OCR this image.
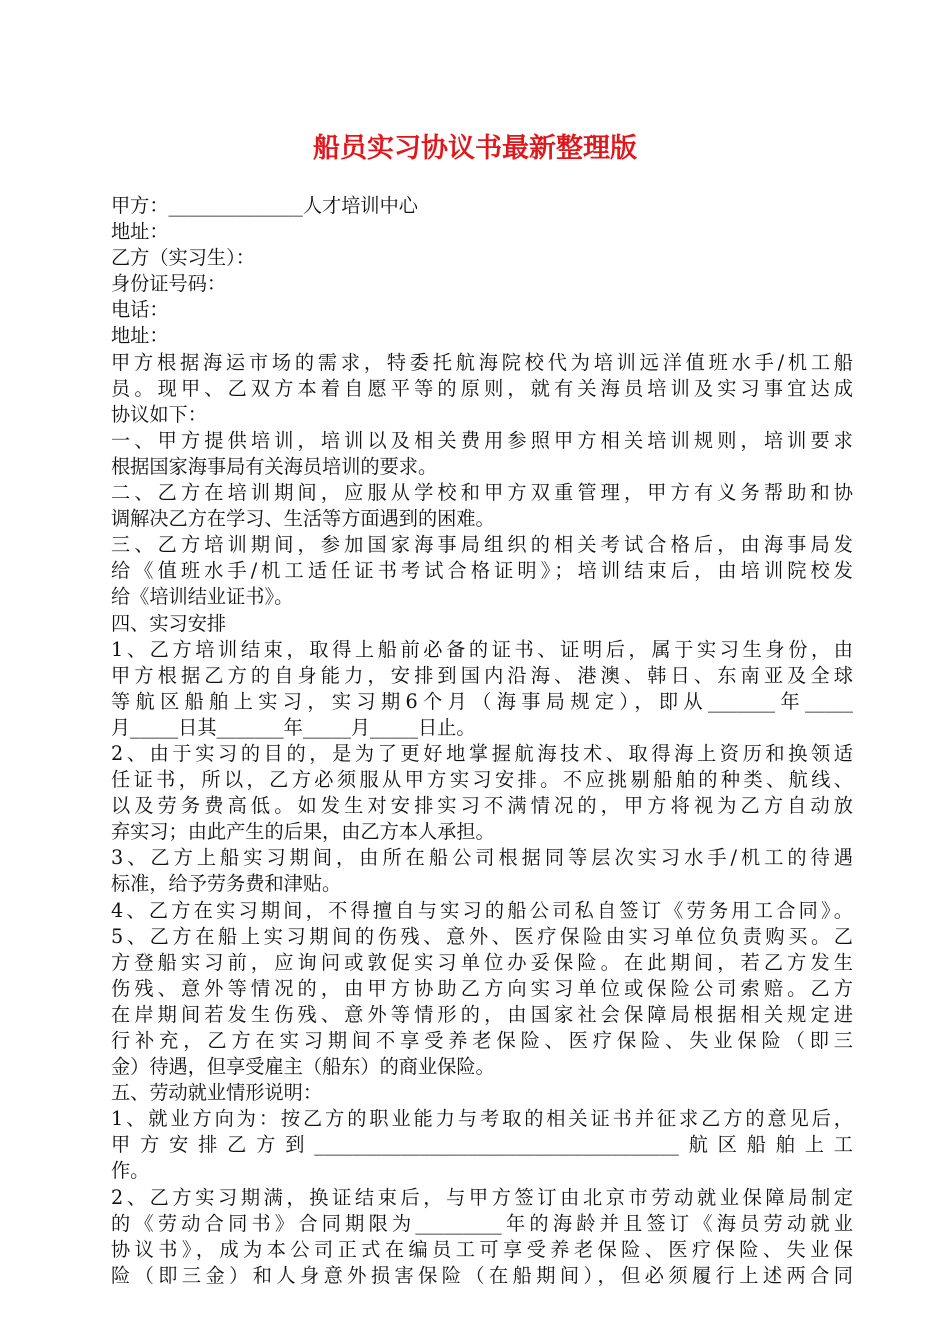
船员实习协议书最新整理版
甲方：______________人才培训中心
地址：
乙方（实习生）：
身份证号码：
电话：
地址：
甲方根据海运市场的需求，特委托航海院校代为培训远洋值班水手/机工船
员。现甲、乙双方本着自愿平等的原则，就有关海员培训及实习事宜达成
协议如下：
一、甲方提供培训，培训以及相关费用参照甲方相关培训规则，培训要求
根据国家海事局有关海员培训的要求。
二、乙方在培训期间，应服从学校和甲方双重管理，甲方有义务帮助和协
调解决乙方在学习、生活等方面遇到的困难。
三、乙方培训期间，参加国家海事局组织的相关考试合格后，由海事局发
给《值班水手/机工适任证书考试合格证明》；培训结束后，由培训院校发
给《培训结业证书》。
四、实习安排
1、乙方培训结束，取得上船前必备的证书、证明后，属于实习生身份，由
甲方根据乙方的自身能力，安排到国内沿海、港澳、韩日、东南亚及全球
等航区船舶上实习，实习期6个月（海事局规定），即从_______年_____
月_____日其_______年_____月_____日止。
2、由于实习的目的，是为了更好地掌握航海技术、取得海上资历和换领适
任证书，所以，乙方必须服从甲方实习安排。不应挑剔船舶的种类、航线、
以及劳务费高低。如发生对安排实习不满情况的，甲方将视为乙方自动放
弃实习；由此产生的后果，由乙方本人承担。
3、乙方上船实习期间，由所在船公司根据同等层次实习水手/机工的待遇
标准，给予劳务费和津贴。
4、乙方在实习期间，不得擅自与实习的船公司私自签订《劳务用工合同》。
5、乙方在船上实习期间的伤残、意外、医疗保险由实习单位负责购买。乙
方登船实习前，应询问或敦促实习单位办妥保险。在此期间，若乙方发生
伤残、意外等情况的，由甲方协助乙方向实习单位或保险公司索赔。乙方
在岸期间若发生伤残、意外等情形的，由国家社会保障局根据相关规定进
行补充，乙方在实习期间不享受养老保险、医疗保险、失业保险（即三
金）待遇，但享受雇主（船东）的商业保险。
五、劳动就业情形说明：
1、就业方向为：按乙方的职业能力与考取的相关证书并征求乙方的意见后，
甲方安排乙方到______________________________________航区船舶上工
作。
2、乙方实习期满，换证结束后，与甲方签订由北京市劳动就业保障局制定
的《劳动合同书》合同期限为_________年的海龄并且签订《海员劳动就业
协议书》，成为本公司正式在编员工可享受养老保险、医疗保险、失业保
险（即三金）和人身意外损害保险（在船期间），但必须履行上述两合同
